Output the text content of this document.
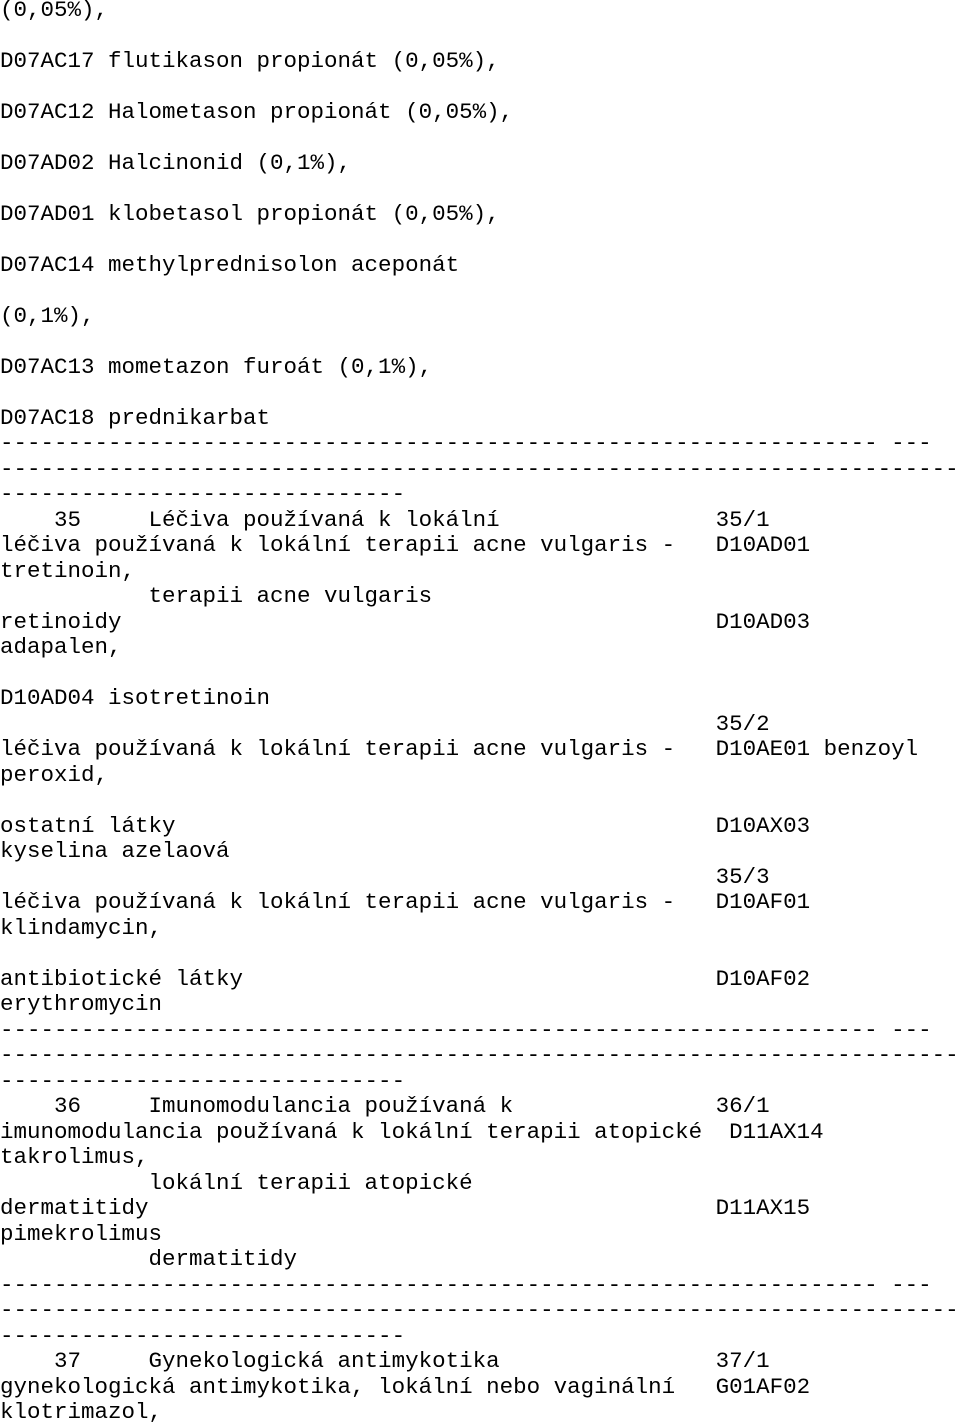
(0,05%),
D07AC17 flutikason propionát (0,05%),
D07AC12 Halometason propionát (0,05%),
D07AD02 Halcinonid (0,1%),
D07AD01 klobetasol propionát (0,05%),
D07AC14 methylprednisolon aceponát
(0,1%),
D07AC13 mometazon furoát (0,1%),
D07AC18 prednikarbat
----------------------------------------------------------------- ---
-----------------------------------------------------------------------
------------------------------
35     Léčiva používaná k lokální                35/1
léčiva používaná k lokální terapii acne vulgaris -   D10AD01
tretinoin,
terapii acne vulgaris
retinoidy                                            D10AD03
adapalen,
D10AD04 isotretinoin
35/2
léčiva používaná k lokální terapii acne vulgaris -   D10AE01 benzoyl
peroxid,
ostatní látky                                        D10AX03
kyselina azelaová
35/3
léčiva používaná k lokální terapii acne vulgaris -   D10AF01
klindamycin,
antibiotické látky                                   D10AF02
erythromycin
----------------------------------------------------------------- ---
-----------------------------------------------------------------------
------------------------------
36     Imunomodulancia používaná k               36/1
imunomodulancia používaná k lokální terapii atopické  D11AX14
takrolimus,
lokální terapii atopické
dermatitidy                                          D11AX15
pimekrolimus
dermatitidy
----------------------------------------------------------------- ---
-----------------------------------------------------------------------
------------------------------
37     Gynekologická antimykotika                37/1
gynekologická antimykotika, lokální nebo vaginální   G01AF02
klotrimazol,
